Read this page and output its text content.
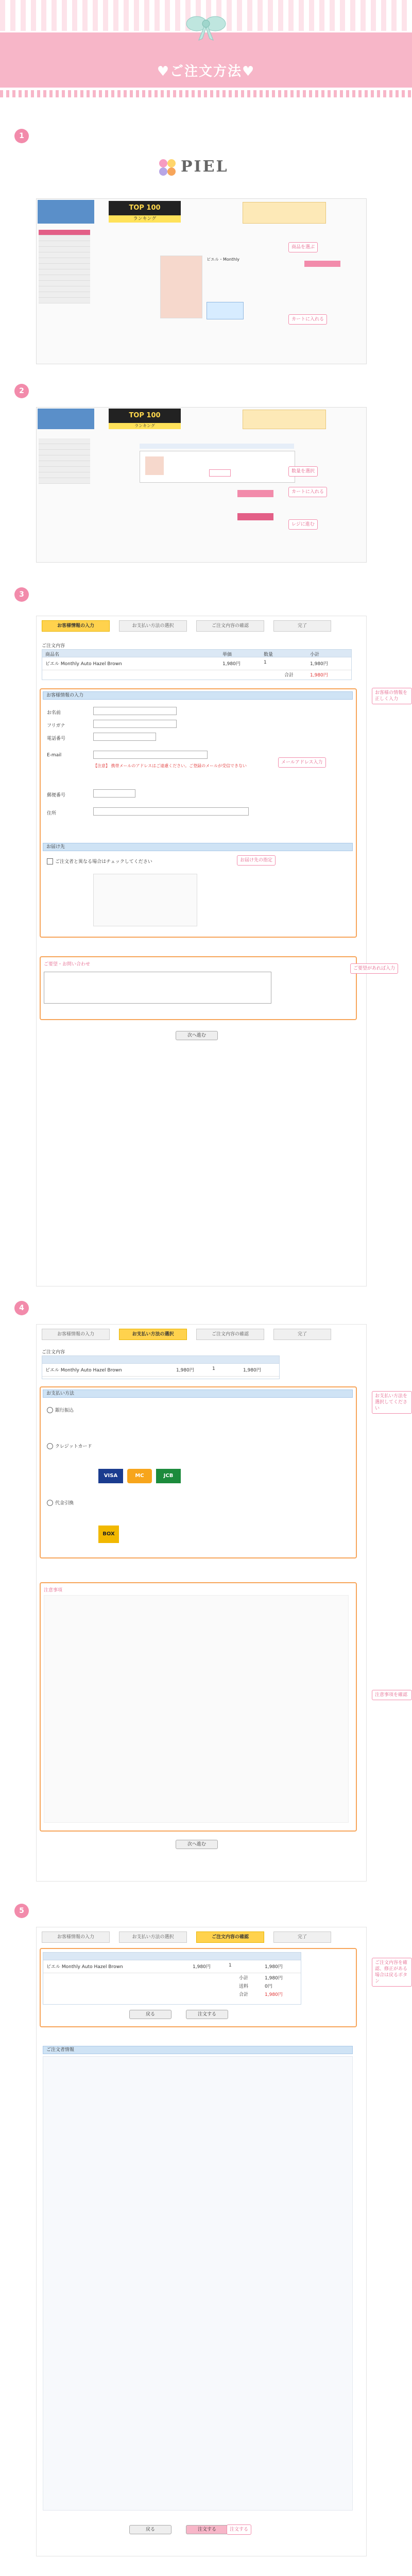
♥ご注文方法♥
1
PIEL
TOP 100
ランキング
ピエル・Monthly
商品を選ぶ
カートに入れる
2
TOP 100
ランキング
数量を選択
カートに入れる
レジに進む
3
お客様情報の入力	お支払い方法の選択	ご注文内容の確認	完了
ご注文内容
商品名	単価	数量	小計
ピエル Monthly Auto Hazel Brown	1,980円	1	1,980円
合計	1,980円
お客様情報の入力
お名前
フリガナ
電話番号
E-mail
【注意】 携帯メールのアドレスはご遠慮ください。ご登録のメールが受信できない
郵便番号
住所
お届け先
ご注文者と異なる場合はチェックしてください
ご要望・お問い合わせ
次へ進む
お客様の情報を正しく入力
メールアドレス入力
お届け先の指定
ご要望があれば入力
4
お客様情報の入力	お支払い方法の選択	ご注文内容の確認	完了
ご注文内容
ピエル Monthly Auto Hazel Brown	1,980円	1	1,980円
お支払い方法
銀行振込
クレジットカード
VISA	MC	JCB
代金引換
BOX
注意事項
次へ進む
お支払い方法を選択してください
注意事項を確認
5
お客様情報の入力	お支払い方法の選択	ご注文内容の確認	完了
ピエル Monthly Auto Hazel Brown	1,980円	1	1,980円
小計	1,980円
送料	0円
合計	1,980円
戻る	注文する
ご注文者情報
戻る	注文する
ご注文内容を確認、修正がある場合は戻るボタン
注文する
